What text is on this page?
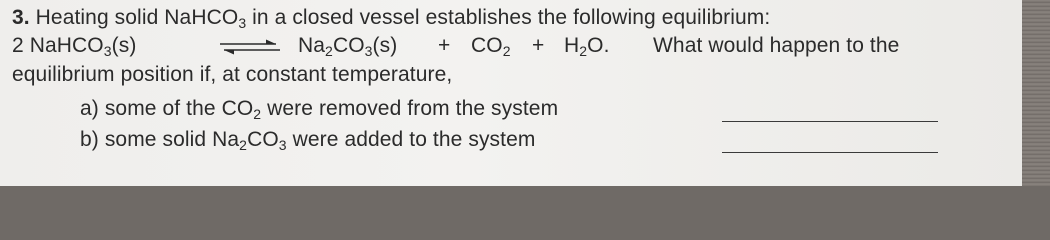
3. Heating solid NaHCO$_3$ in a closed vessel establishes the following equilibrium:
2 NaHCO$_3$(s)	⇌ $Na_2CO_3(s) + CO_2 + H_2O$. What would happen to the
equilibrium position if, at constant temperature,
a) some of the $CO_2$ were removed from the system
b) some solid $Na_2CO_3$ were added to the system
